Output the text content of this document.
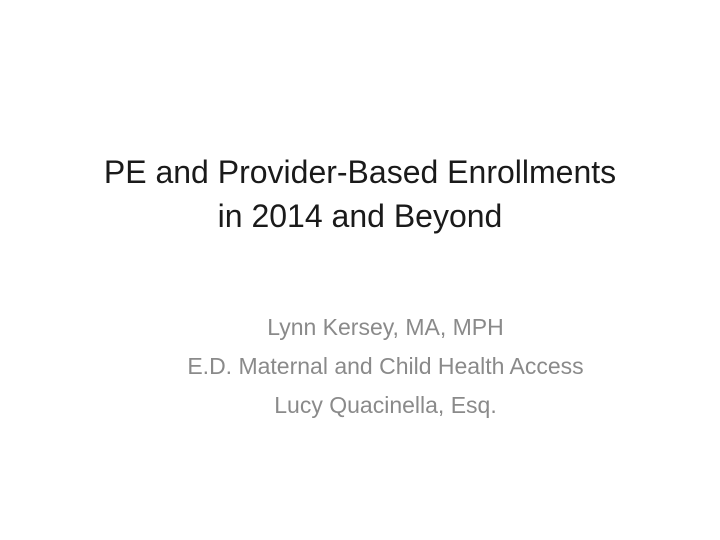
PE and Provider-Based Enrollments
in 2014 and Beyond
Lynn Kersey, MA, MPH
E.D. Maternal and Child Health Access
Lucy Quacinella, Esq.
